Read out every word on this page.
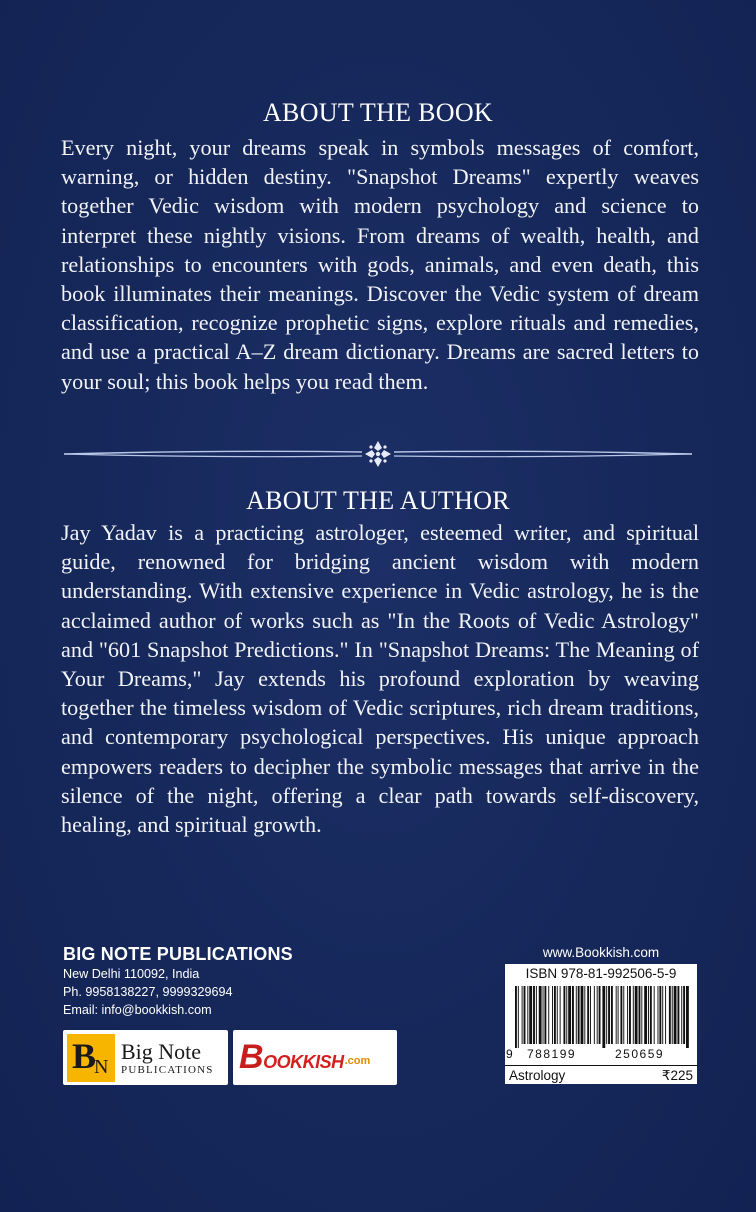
ABOUT THE BOOK
Every night, your dreams speak in symbols messages of comfort, warning, or hidden destiny. "Snapshot Dreams" expertly weaves together Vedic wisdom with modern psychology and science to interpret these nightly visions. From dreams of wealth, health, and relationships to encounters with gods, animals, and even death, this book illuminates their meanings. Discover the Vedic system of dream classification, recognize prophetic signs, explore rituals and remedies, and use a practical A–Z dream dictionary. Dreams are sacred letters to your soul; this book helps you read them.
ABOUT THE AUTHOR
Jay Yadav is a practicing astrologer, esteemed writer, and spiritual guide, renowned for bridging ancient wisdom with modern understanding. With extensive experience in Vedic astrology, he is the acclaimed author of works such as "In the Roots of Vedic Astrology" and "601 Snapshot Predictions." In "Snapshot Dreams: The Meaning of Your Dreams," Jay extends his profound exploration by weaving together the timeless wisdom of Vedic scriptures, rich dream traditions, and contemporary psychological perspectives. His unique approach empowers readers to decipher the symbolic messages that arrive in the silence of the night, offering a clear path towards self-discovery, healing, and spiritual growth.
BIG NOTE PUBLICATIONS
New Delhi 110092, India
Ph. 9958138227, 9999329694
Email: info@bookkish.com
B
N
Big Note
PUBLICATIONS BOOKKISH .com
www.Bookkish.com
ISBN 978-81-992506-5-9
9 788199	250659
Astrology	₹225
